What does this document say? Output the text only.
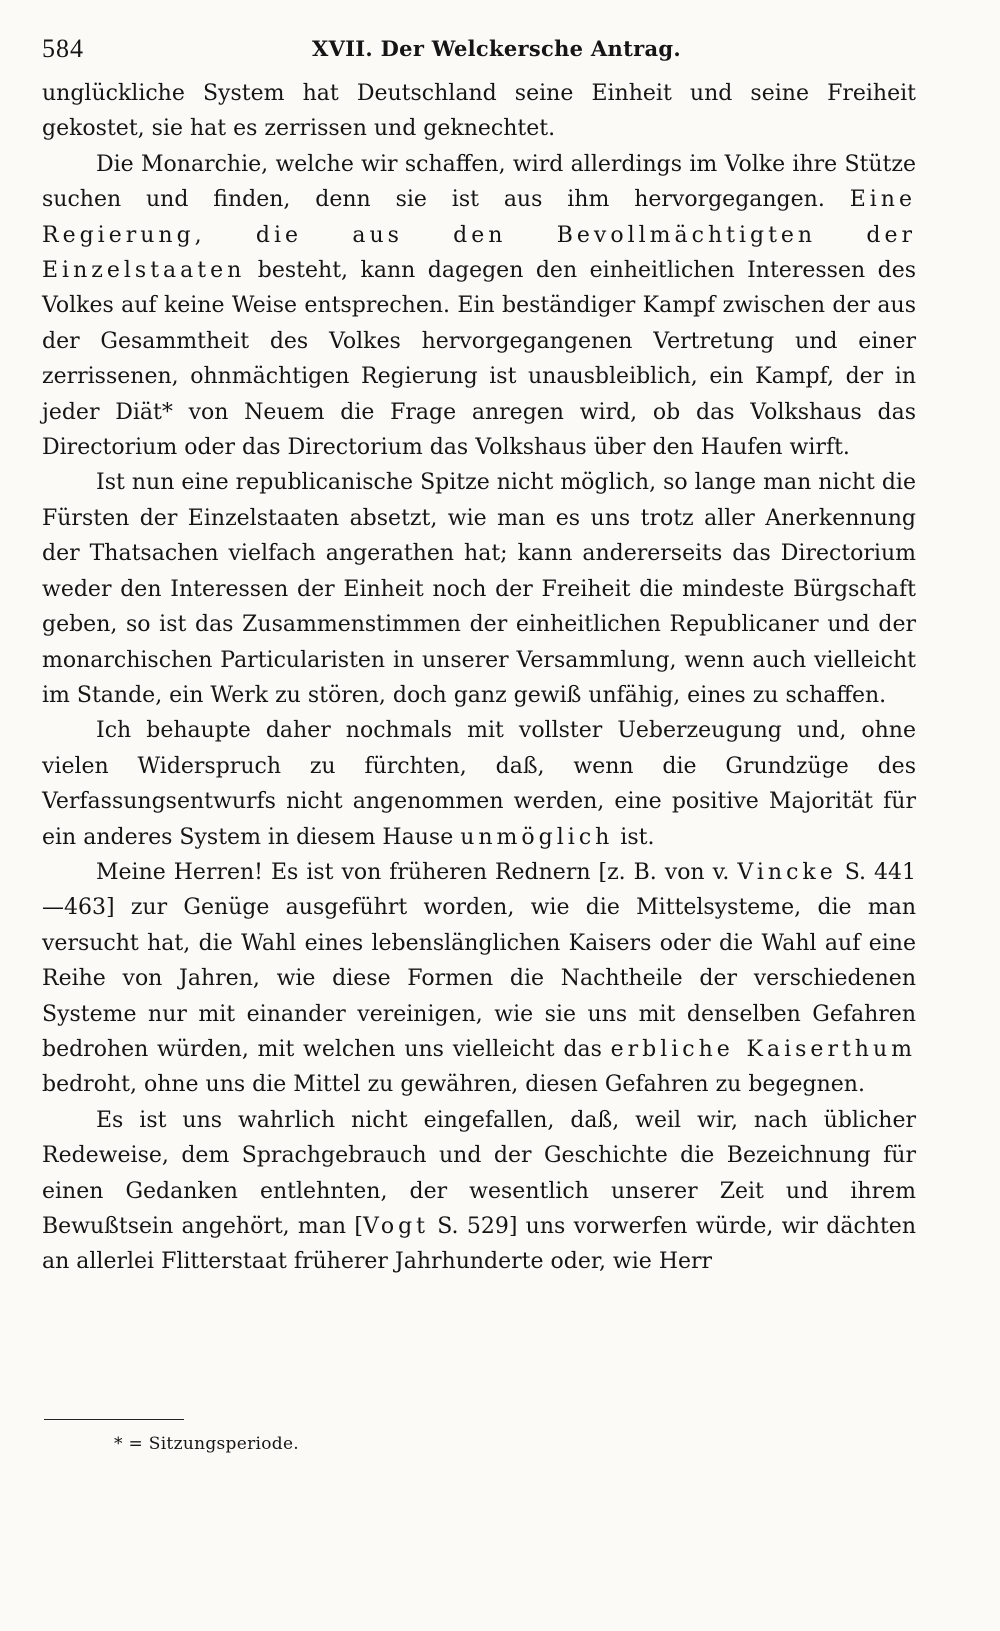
584	XVII. Der Welckersche Antrag.

unglückliche System hat Deutschland seine Einheit und seine Freiheit gekostet, sie hat es zerrissen und geknechtet.

Die Monarchie, welche wir schaffen, wird allerdings im Volke ihre Stütze suchen und finden, denn sie ist aus ihm hervorgegangen. Eine Regierung, die aus den Bevollmächtigten der Einzelstaaten besteht, kann dagegen den einheitlichen Interessen des Volkes auf keine Weise entsprechen. Ein beständiger Kampf zwischen der aus der Gesammtheit des Volkes hervorgegangenen Vertretung und einer zerrissenen, ohnmächtigen Regierung ist unausbleiblich, ein Kampf, der in jeder Diät* von Neuem die Frage anregen wird, ob das Volkshaus das Directorium oder das Directorium das Volkshaus über den Haufen wirft.

Ist nun eine republicanische Spitze nicht möglich, so lange man nicht die Fürsten der Einzelstaaten absetzt, wie man es uns trotz aller Anerkennung der Thatsachen vielfach angerathen hat; kann andererseits das Directorium weder den Interessen der Einheit noch der Freiheit die mindeste Bürgschaft geben, so ist das Zusammenstimmen der einheitlichen Republicaner und der monarchischen Particularisten in unserer Versammlung, wenn auch vielleicht im Stande, ein Werk zu stören, doch ganz gewiß unfähig, eines zu schaffen.

Ich behaupte daher nochmals mit vollster Ueberzeugung und, ohne vielen Widerspruch zu fürchten, daß, wenn die Grundzüge des Verfassungsentwurfs nicht angenommen werden, eine positive Majorität für ein anderes System in diesem Hause unmöglich ist.

Meine Herren! Es ist von früheren Rednern [z. B. von v. Vincke S. 441—463] zur Genüge ausgeführt worden, wie die Mittelsysteme, die man versucht hat, die Wahl eines lebenslänglichen Kaisers oder die Wahl auf eine Reihe von Jahren, wie diese Formen die Nachtheile der verschiedenen Systeme nur mit einander vereinigen, wie sie uns mit denselben Gefahren bedrohen würden, mit welchen uns vielleicht das erbliche Kaiserthum bedroht, ohne uns die Mittel zu gewähren, diesen Gefahren zu begegnen.

Es ist uns wahrlich nicht eingefallen, daß, weil wir, nach üblicher Redeweise, dem Sprachgebrauch und der Geschichte die Bezeichnung für einen Gedanken entlehnten, der wesentlich unserer Zeit und ihrem Bewußtsein angehört, man [Vogt S. 529] uns vorwerfen würde, wir dächten an allerlei Flitterstaat früherer Jahrhunderte oder, wie Herr

* = Sitzungsperiode.
